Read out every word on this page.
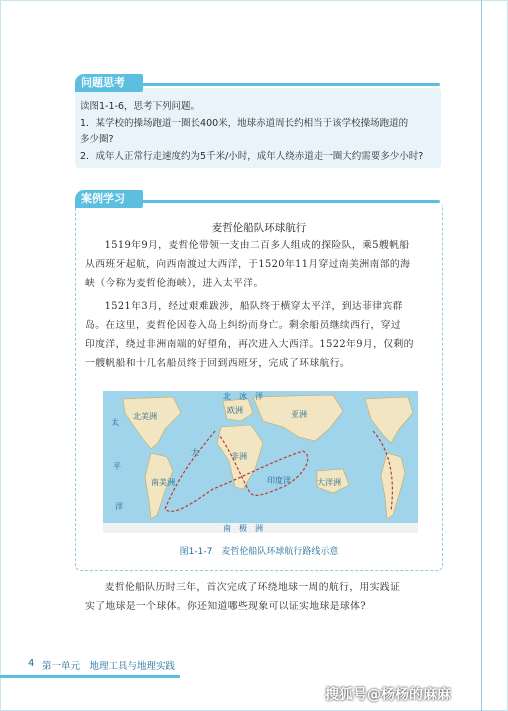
问题思考
读图1-1-6，思考下列问题。
1．某学校的操场跑道一圈长400米，地球赤道周长约相当于该学校操场跑道的
多少圈?
2．成年人正常行走速度约为5千米/小时，成年人绕赤道走一圈大约需要多少小时?
案例学习
麦哲伦船队环球航行
1519年9月，麦哲伦带领一支由二百多人组成的探险队，乘5艘帆船
从西班牙起航，向西南渡过大西洋，于1520年11月穿过南美洲南部的海
峡（今称为麦哲伦海峡），进入太平洋。
1521年3月，经过艰难跋涉，船队终于横穿太平洋，到达菲律宾群
岛。在这里，麦哲伦因卷入岛上纠纷而身亡。剩余船员继续西行，穿过
印度洋，绕过非洲南端的好望角，再次进入大西洋。1522年9月，仅剩的
一艘帆船和十几名船员终于回到西班牙，完成了环球航行。
太
平
洋
大
北美洲
南美洲
欧洲
非洲
亚洲
大洋洲
印度洋
北　冰　洋
南　极　洲
图1-1-7　麦哲伦船队环球航行路线示意
麦哲伦船队历时三年，首次完成了环绕地球一周的航行，用实践证
实了地球是一个球体。你还知道哪些现象可以证实地球是球体?
4 第一单元　地理工具与地理实践
搜狐号@杨杨的麻麻
